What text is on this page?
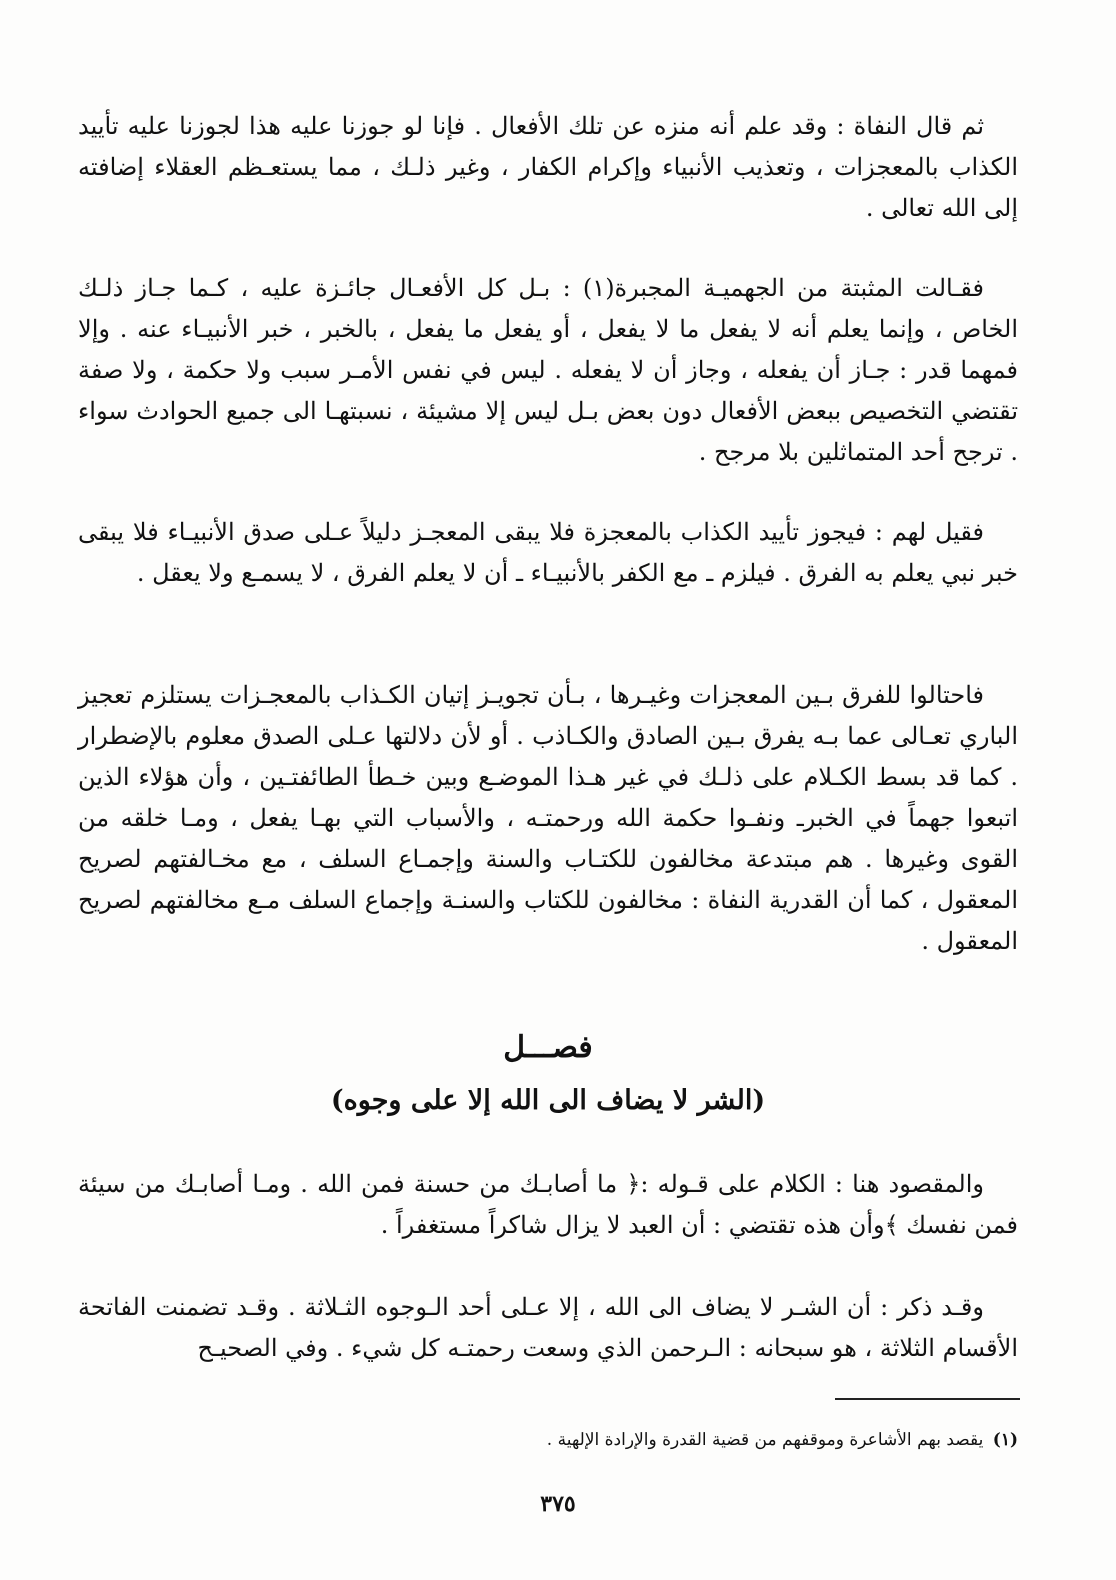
ثم قال النفاة : وقد علم أنه منزه عن تلك الأفعال . فإنا لو جوزنا عليه هذا لجوزنا عليه تأييد الكذاب بالمعجزات ، وتعذيب الأنبياء وإكرام الكفار ، وغير ذلـك ، مما يستعـظم العقلاء إضافته إلى الله تعالى .

فقـالت المثبتة من الجهميـة المجبرة(١) : بـل كل الأفعـال جائـزة عليه ، كـما جـاز ذلـك الخاص ، وإنما يعلم أنه لا يفعل ما لا يفعل ، أو يفعل ما يفعل ، بالخبر ، خبر الأنبيـاء عنه . وإلا فمهما قدر : جـاز أن يفعله ، وجاز أن لا يفعله . ليس في نفس الأمـر سبب ولا حكمة ، ولا صفة تقتضي التخصيص ببعض الأفعال دون بعض بـل ليس إلا مشيئة ، نسبتهـا الى جميع الحوادث سواء . ترجح أحد المتماثلين بلا مرجح .

فقيل لهم : فيجوز تأييد الكذاب بالمعجزة فلا يبقى المعجـز دليلاً عـلى صدق الأنبيـاء فلا يبقى خبر نبي يعلم به الفرق . فيلزم ـ مع الكفر بالأنبيـاء ـ أن لا يعلم الفرق ، لا يسمـع ولا يعقل .

فاحتالوا للفرق بـين المعجزات وغيـرها ، بـأن تجويـز إتيان الكـذاب بالمعجـزات يستلزم تعجيز الباري تعـالى عما بـه يفرق بـين الصادق والكـاذب . أو لأن دلالتها عـلى الصدق معلوم بالإضطرار . كما قد بسط الكـلام على ذلـك في غير هـذا الموضـع وبين خـطأ الطائفتـين ، وأن هؤلاء الذين اتبعوا جهماً في الخبرـ ونفـوا حكمة الله ورحمتـه ، والأسباب التي بهـا يفعل ، ومـا خلقه من القوى وغيرها . هم مبتدعة مخالفون للكتـاب والسنة وإجمـاع السلف ، مع مخـالفتهم لصريح المعقول ، كما أن القدرية النفاة : مخالفون للكتاب والسنـة وإجماع السلف مـع مخالفتهم لصريح المعقول .

فصـــل
(الشر لا يضاف الى الله إلا على وجوه)

والمقصود هنا : الكلام على قـوله :﴿ ما أصابـك من حسنة فمن الله . ومـا أصابـك من سيئة فمن نفسك ﴾وأن هذه تقتضي : أن العبد لا يزال شاكراً مستغفراً .

وقـد ذكر : أن الشـر لا يضاف الى الله ، إلا عـلى أحد الـوجوه الثـلاثة . وقـد تضمنت الفاتحة الأقسام الثلاثة ، هو سبحانه : الـرحمن الذي وسعت رحمتـه كل شيء . وفي الصحيـح

(١) يقصد بهم الأشاعرة وموقفهم من قضية القدرة والإرادة الإلهية .

٣٧٥
